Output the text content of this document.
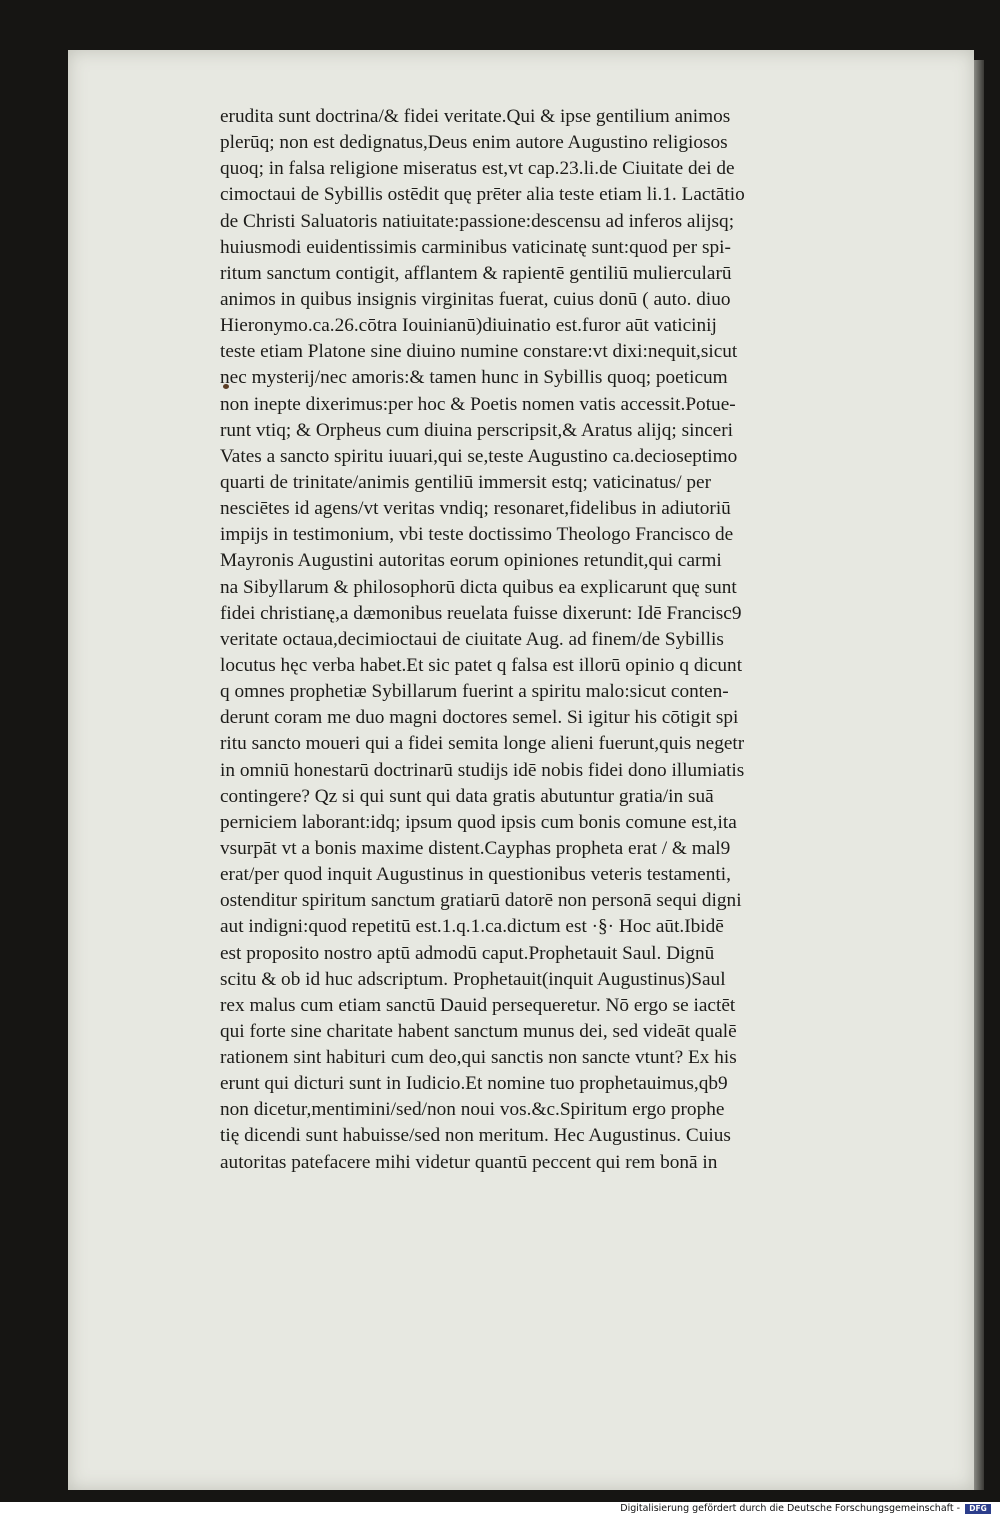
erudita sunt doctrina/& fidei veritate.Qui & ipse gentilium animos
plerūq; non est dedignatus,Deus enim autore Augustino religiosos
quoq; in falsa religione miseratus est,vt cap.23.li.de Ciuitate dei de
cimoctaui de Sybillis ostēdit quę prēter alia teste etiam li.1. Lactātio
de Christi Saluatoris natiuitate:passione:descensu ad inferos alijsq;
huiusmodi euidentissimis carminibus vaticinatę sunt:quod per spi-
ritum sanctum contigit, afflantem & rapientē gentiliū muliercularū
animos in quibus insignis virginitas fuerat, cuius donū ( auto. diuo
Hieronymo.ca.26.cōtra Iouinianū)diuinatio est.furor aūt vaticinij
teste etiam Platone sine diuino numine constare:vt dixi:nequit,sicut
nec mysterij/nec amoris:& tamen hunc in Sybillis quoq; poeticum
non inepte dixerimus:per hoc & Poetis nomen vatis accessit.Potue-
runt vtiq; & Orpheus cum diuina perscripsit,& Aratus alijq; sinceri
Vates a sancto spiritu iuuari,qui se,teste Augustino ca.decioseptimo
quarti de trinitate/animis gentiliū immersit estq; vaticinatus/ per
nesciētes id agens/vt veritas vndiq; resonaret,fidelibus in adiutoriū
impijs in testimonium, vbi teste doctissimo Theologo Francisco de
Mayronis Augustini autoritas eorum opiniones retundit,qui carmi
na Sibyllarum & philosophorū dicta quibus ea explicarunt quę sunt
fidei christianę,a dæmonibus reuelata fuisse dixerunt: Idē Francisc9
veritate octaua,decimioctaui de ciuitate Aug. ad finem/de Sybillis
locutus hęc verba habet.Et sic patet q falsa est illorū opinio q dicunt
q omnes prophetiæ Sybillarum fuerint a spiritu malo:sicut conten-
derunt coram me duo magni doctores semel. Si igitur his cōtigit spi
ritu sancto moueri qui a fidei semita longe alieni fuerunt,quis negetr
in omniū honestarū doctrinarū studijs idē nobis fidei dono illumiatis
contingere? Qz si qui sunt qui data gratis abutuntur gratia/in suā
perniciem laborant:idq; ipsum quod ipsis cum bonis comune est,ita
vsurpāt vt a bonis maxime distent.Cayphas propheta erat / & mal9
erat/per quod inquit Augustinus in questionibus veteris testamenti,
ostenditur spiritum sanctum gratiarū datorē non personā sequi digni
aut indigni:quod repetitū est.1.q.1.ca.dictum est ·§· Hoc aūt.Ibidē
est proposito nostro aptū admodū caput.Prophetauit Saul. Dignū
scitu & ob id huc adscriptum. Prophetauit(inquit Augustinus)Saul
rex malus cum etiam sanctū Dauid persequeretur. Nō ergo se iactēt
qui forte sine charitate habent sanctum munus dei, sed videāt qualē
rationem sint habituri cum deo,qui sanctis non sancte vtunt? Ex his
erunt qui dicturi sunt in Iudicio.Et nomine tuo prophetauimus,qb9
non dicetur,mentimini/sed/non noui vos.&c.Spiritum ergo prophe
tię dicendi sunt habuisse/sed non meritum. Hec Augustinus. Cuius
autoritas patefacere mihi videtur quantū peccent qui rem bonā in
Digitalisierung gefördert durch die Deutsche Forschungsgemeinschaft -	DFG
